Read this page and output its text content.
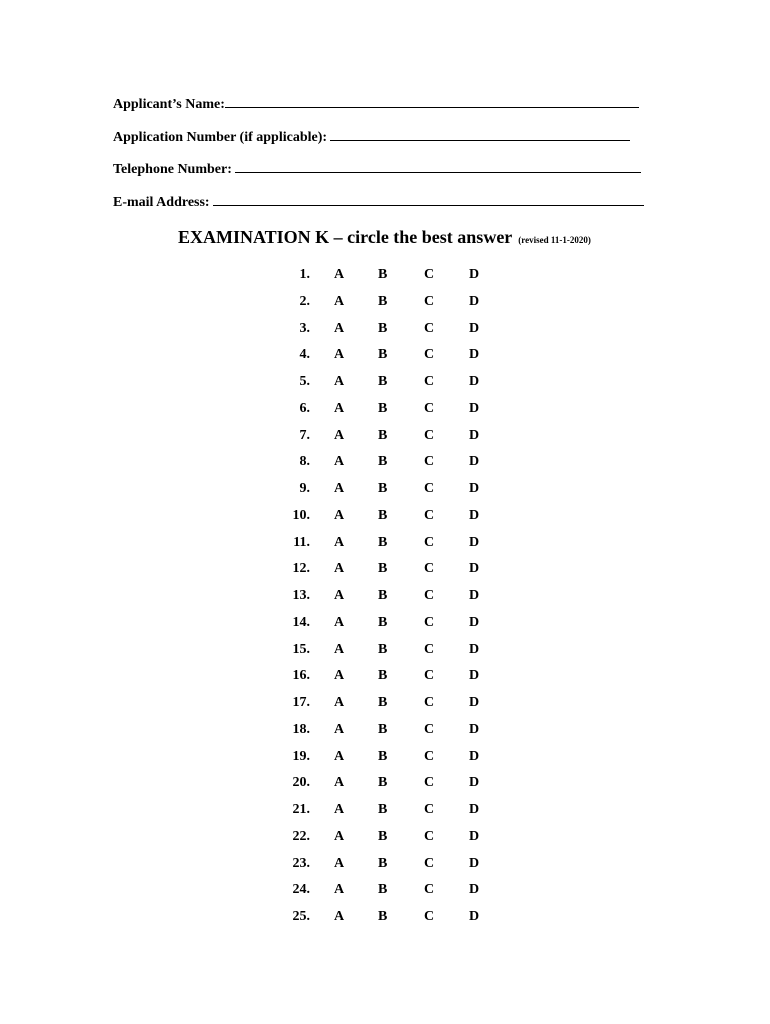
Applicant’s Name:
Application Number (if applicable):
Telephone Number:
E-mail Address:
EXAMINATION K – circle the best answer (revised 11-1-2020)
1. A B	C D
2. A B	C D
3. A B	C D
4. A B	C D
5. A B	C D
6. A B	C D
7. A B	C D
8. A B	C D
9. A B	C D
10. A B	C D
11. A B	C D
12. A B	C D
13. A B	C D
14. A B	C D
15. A B	C D
16. A B	C D
17. A B	C D
18. A B	C D
19. A B	C D
20. A B	C D
21. A B	C D
22. A B	C D
23. A B	C D
24. A B	C D
25. A B	C D
